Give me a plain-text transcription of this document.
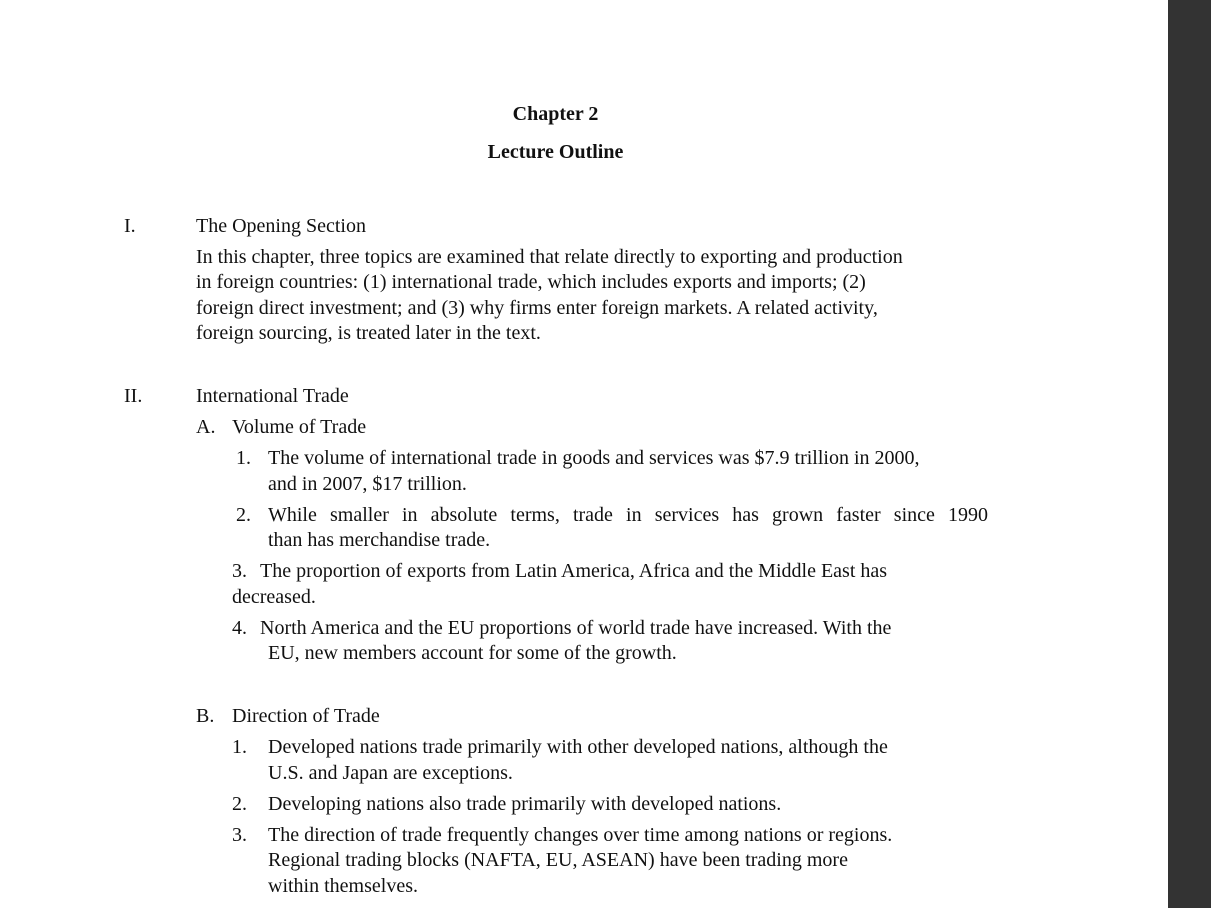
Chapter 2
Lecture Outline
I.	The Opening Section
In this chapter, three topics are examined that relate directly to exporting and production
in foreign countries: (1) international trade, which includes exports and imports; (2)
foreign direct investment; and (3) why firms enter foreign markets. A related activity,
foreign sourcing, is treated later in the text.
II.	International Trade
A. Volume of Trade
1. The volume of international trade in goods and services was $7.9 trillion in 2000,
and in 2007, $17 trillion.
2. While smaller in absolute terms, trade in services has grown faster since 1990
than has merchandise trade.
3. The proportion of exports from Latin America, Africa and the Middle East has
decreased.
4. North America and the EU proportions of world trade have increased. With the
EU, new members account for some of the growth.
B. Direction of Trade
1. Developed nations trade primarily with other developed nations, although the
U.S. and Japan are exceptions.
2. Developing nations also trade primarily with developed nations.
3. The direction of trade frequently changes over time among nations or regions.
Regional trading blocks (NAFTA, EU, ASEAN) have been trading more
within themselves.
